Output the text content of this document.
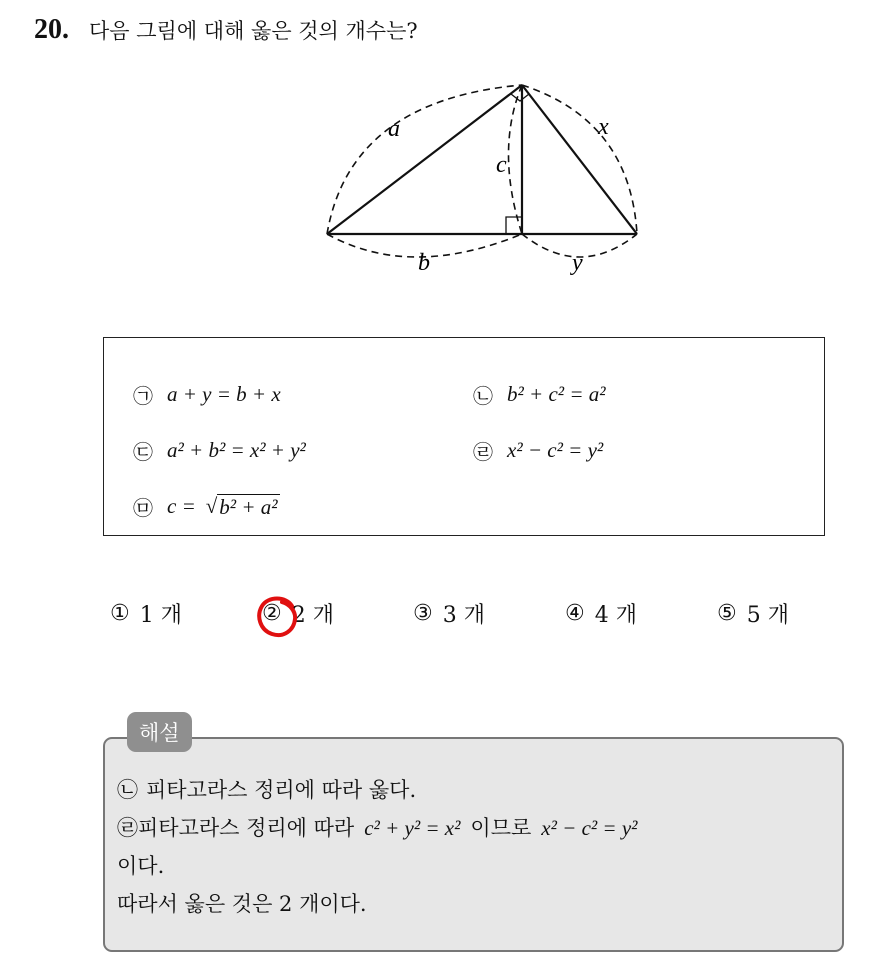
20. 다음 그림에 대해 옳은 것의 개수는?
a	x
c
b	y
㉠ a + y = b + x	㉡ b² + c² = a²
㉢ a² + b² = x² + y²	㉣ x² − c² = y²
㉤ c = √ b² + a²
① 1 개	② 2 개	③ 3 개	④ 4 개	⑤ 5 개
해설
㉡ 피타고라스 정리에 따라 옳다.
㉣ 피타고라스 정리에 따라 c² + y² = x² 이므로 x² − c² = y²
이다.
따라서 옳은 것은 2 개이다.
